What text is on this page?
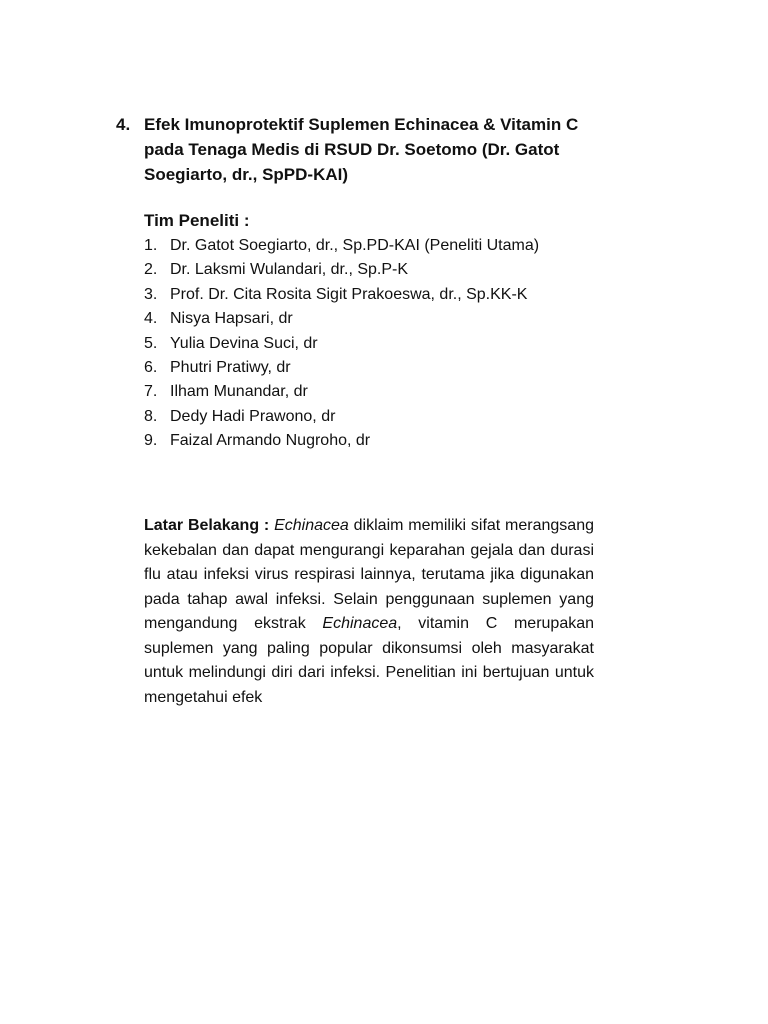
4. Efek Imunoprotektif Suplemen Echinacea & Vitamin C pada Tenaga Medis di RSUD Dr. Soetomo (Dr. Gatot Soegiarto, dr., SpPD-KAI)
Tim Peneliti :
1. Dr. Gatot Soegiarto, dr., Sp.PD-KAI (Peneliti Utama)
2. Dr. Laksmi Wulandari, dr., Sp.P-K
3. Prof. Dr. Cita Rosita Sigit Prakoeswa, dr., Sp.KK-K
4. Nisya Hapsari, dr
5. Yulia Devina Suci, dr
6. Phutri Pratiwy, dr
7. Ilham Munandar, dr
8. Dedy Hadi Prawono, dr
9. Faizal Armando Nugroho, dr

Latar Belakang : Echinacea diklaim memiliki sifat merangsang kekebalan dan dapat mengurangi keparahan gejala dan durasi flu atau infeksi virus respirasi lainnya, terutama jika digunakan pada tahap awal infeksi. Selain penggunaan suplemen yang mengandung ekstrak Echinacea, vitamin C merupakan suplemen yang paling popular dikonsumsi oleh masyarakat untuk melindungi diri dari infeksi. Penelitian ini bertujuan untuk mengetahui efek
